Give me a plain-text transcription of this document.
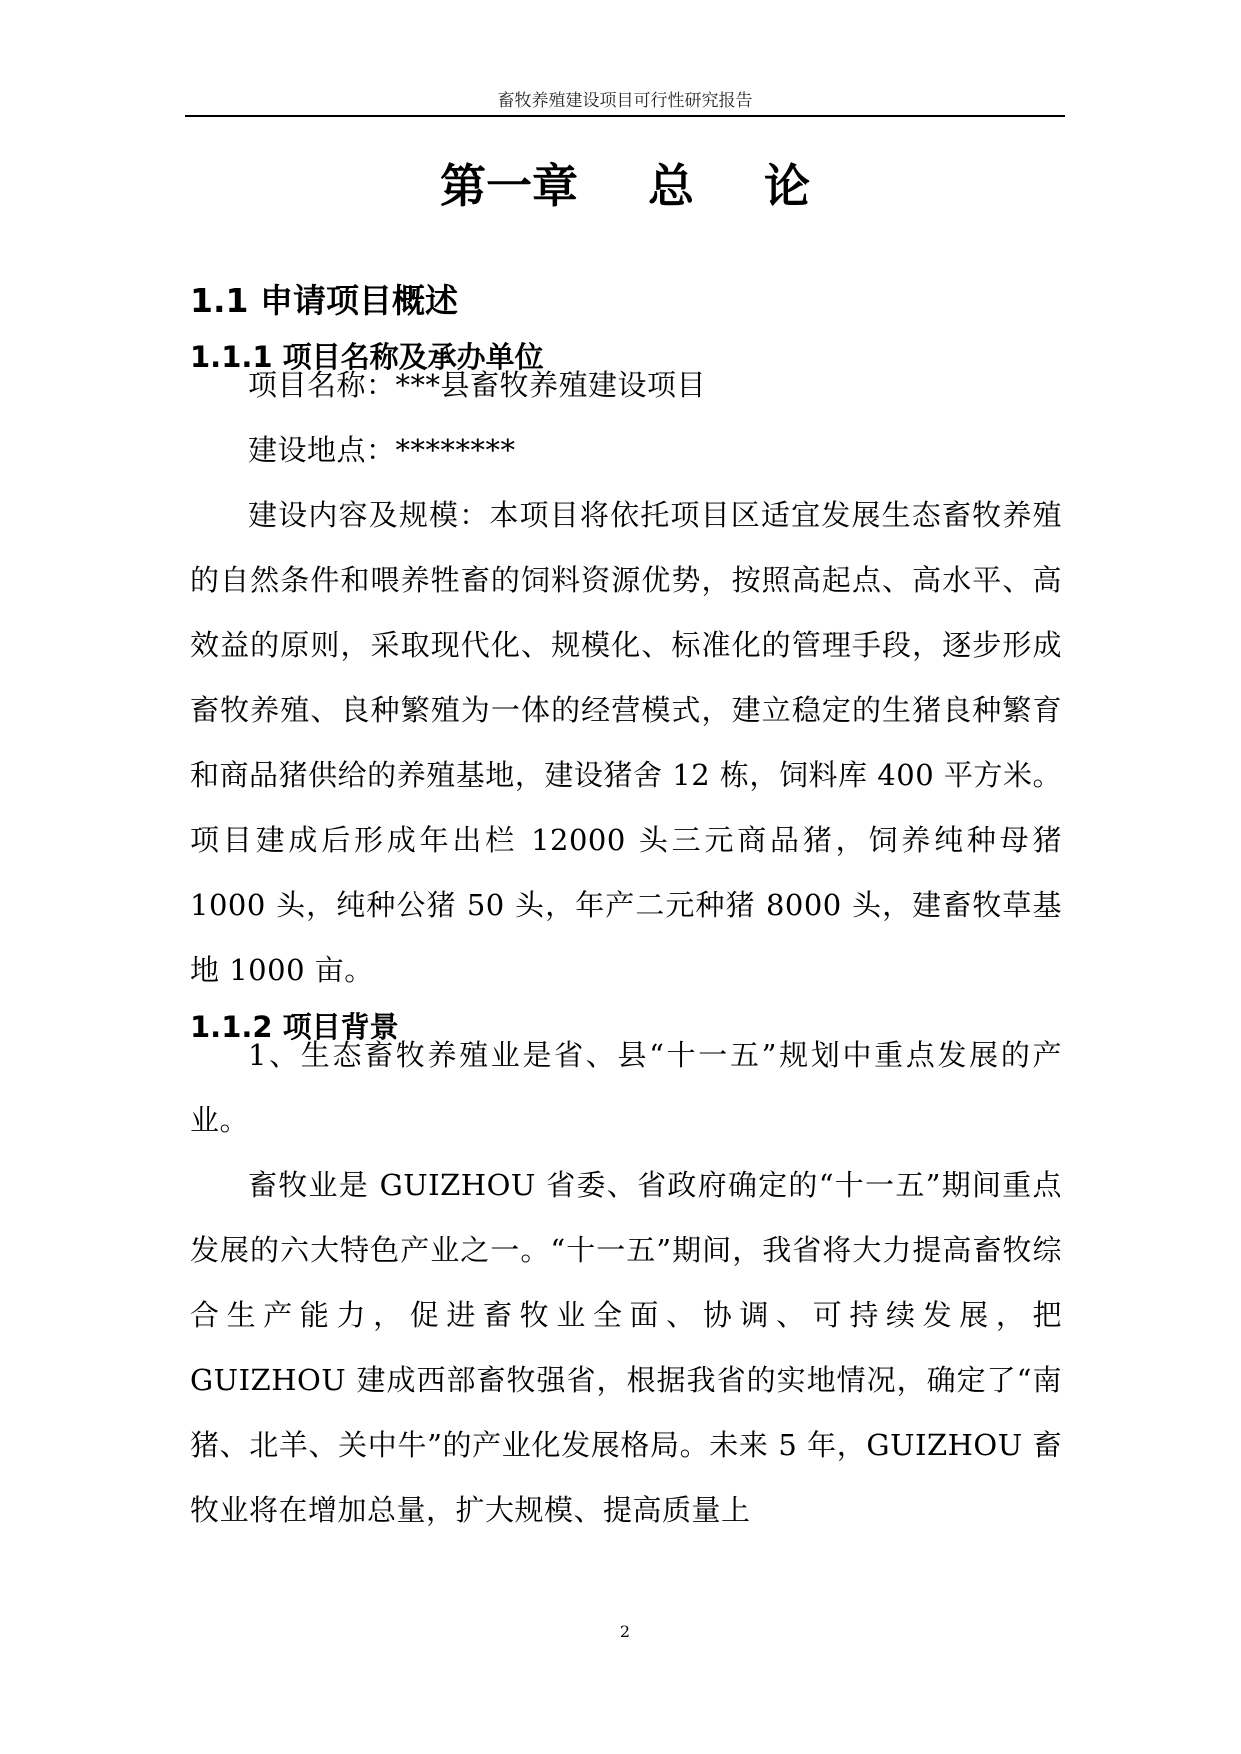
畜牧养殖建设项目可行性研究报告
第一章 总 论
1.1 申请项目概述
1.1.1 项目名称及承办单位
项目名称：***县畜牧养殖建设项目
建设地点：********
建设内容及规模：本项目将依托项目区适宜发展生态畜牧养殖的自然条件和喂养牲畜的饲料资源优势，按照高起点、高水平、高效益的原则，采取现代化、规模化、标准化的管理手段，逐步形成畜牧养殖、良种繁殖为一体的经营模式，建立稳定的生猪良种繁育和商品猪供给的养殖基地，建设猪舍 12 栋，饲料库 400 平方米。项目建成后形成年出栏 12000 头三元商品猪，饲养纯种母猪 1000 头，纯种公猪 50 头，年产二元种猪 8000 头，建畜牧草基地 1000 亩。
1.1.2 项目背景
1、生态畜牧养殖业是省、县“十一五”规划中重点发展的产业。
畜牧业是 GUIZHOU 省委、省政府确定的“十一五”期间重点发展的六大特色产业之一。“十一五”期间，我省将大力提高畜牧综合生产能力，促进畜牧业全面、协调、可持续发展，把 GUIZHOU 建成西部畜牧强省，根据我省的实地情况，确定了“南猪、北羊、关中牛”的产业化发展格局。未来 5 年，GUIZHOU 畜牧业将在增加总量，扩大规模、提高质量上
2
